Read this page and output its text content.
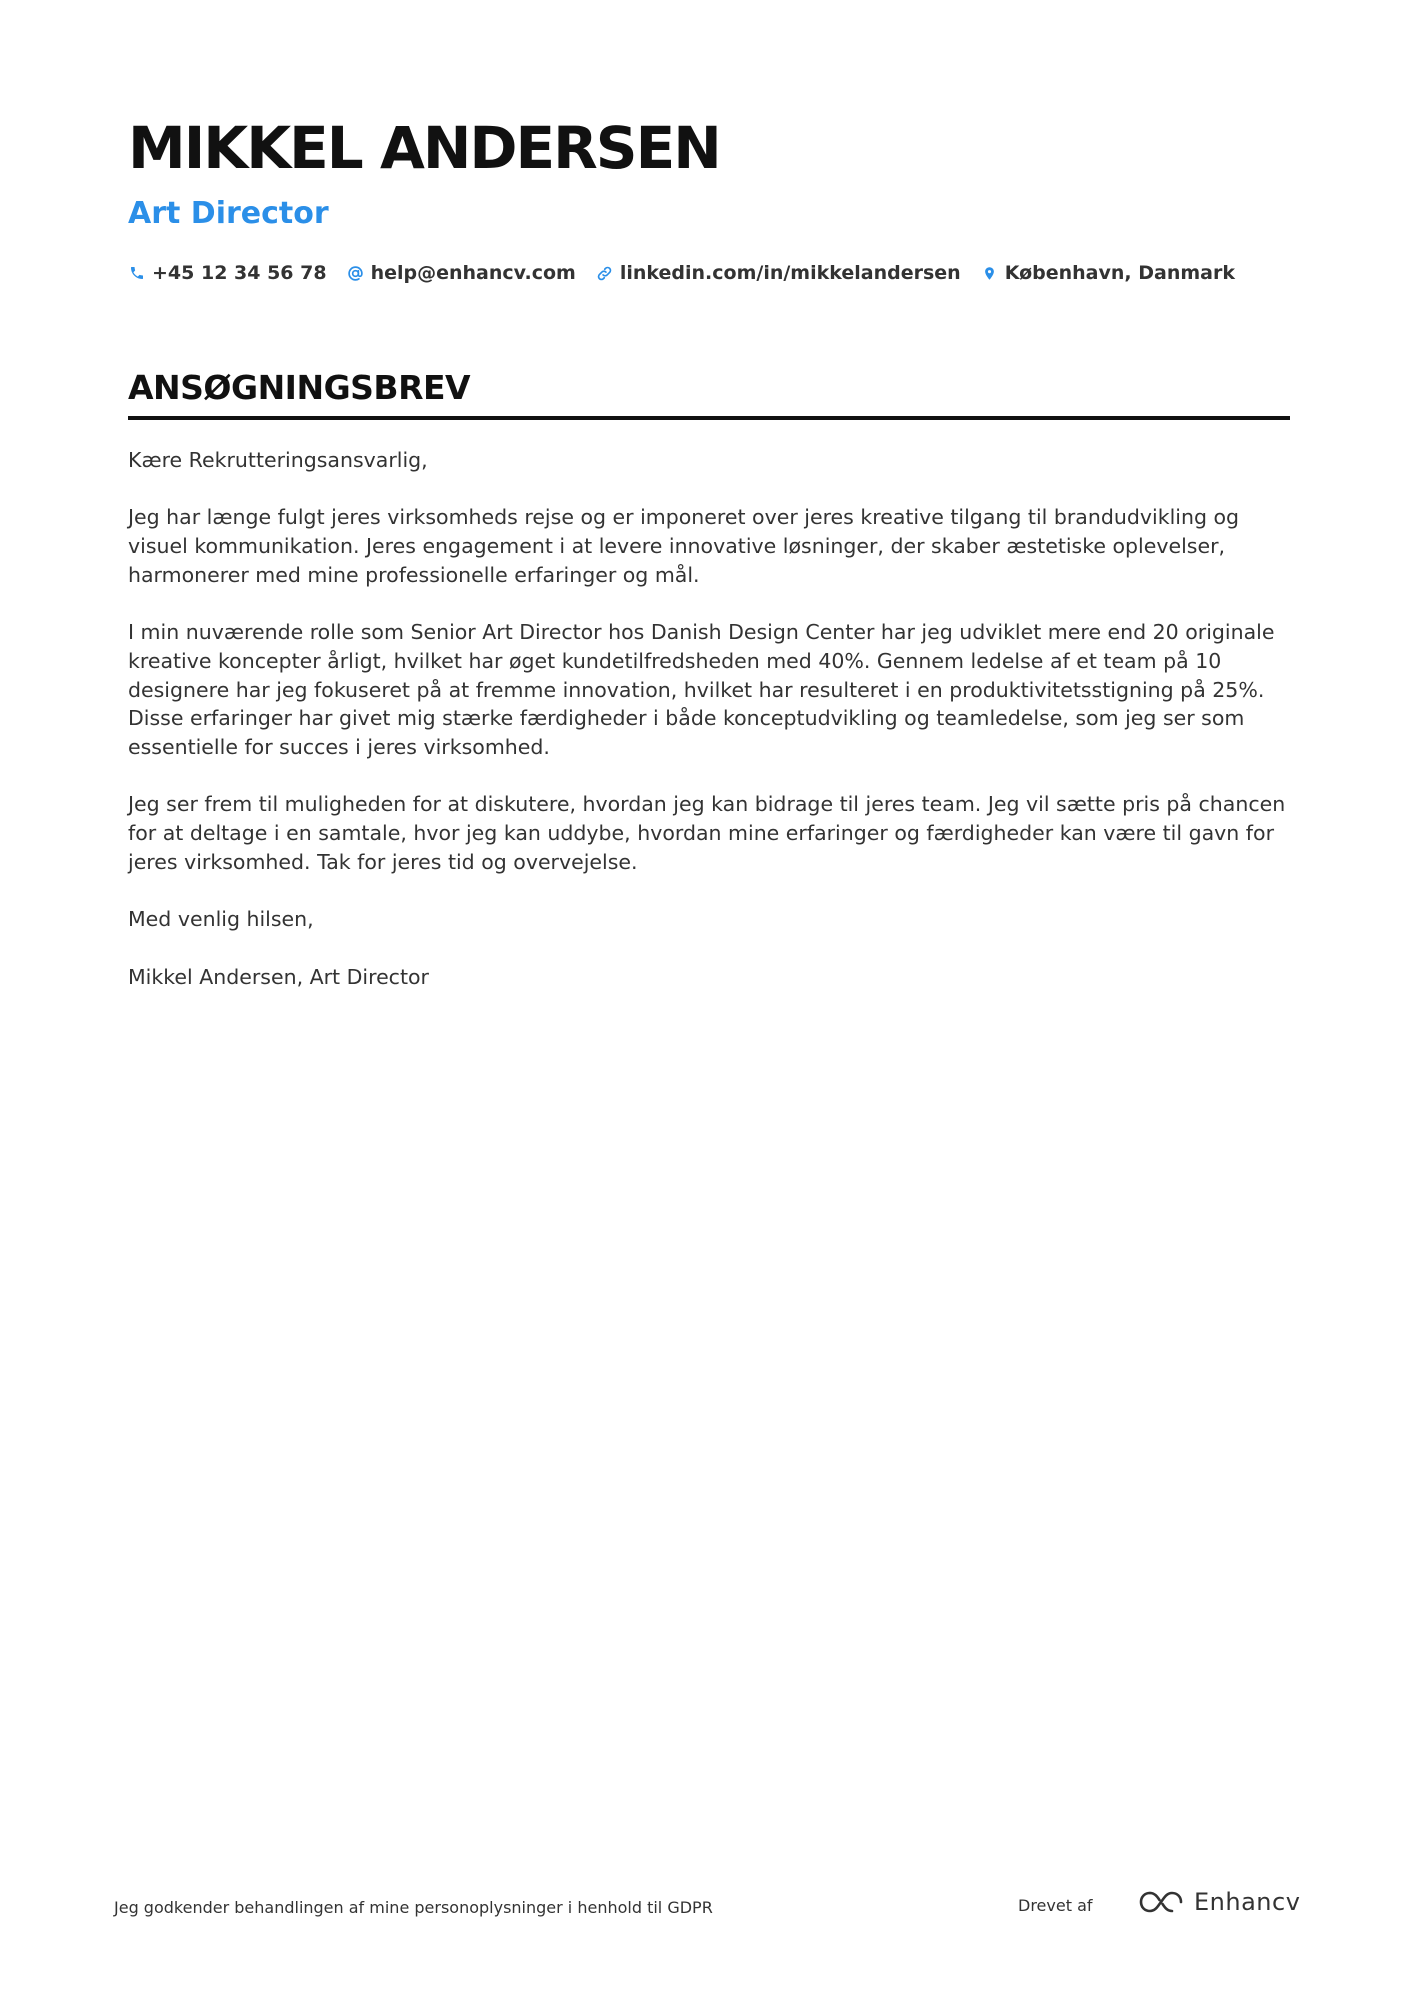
MIKKEL ANDERSEN
Art Director
+45 12 34 56 78 help@enhancv.com linkedin.com/in/mikkelandersen København, Danmark
ANSØGNINGSBREV

Kære Rekrutteringsansvarlig,

Jeg har længe fulgt jeres virksomheds rejse og er imponeret over jeres kreative tilgang til brandudvikling og visuel kommunikation. Jeres engagement i at levere innovative løsninger, der skaber æstetiske oplevelser, harmonerer med mine professionelle erfaringer og mål.

I min nuværende rolle som Senior Art Director hos Danish Design Center har jeg udviklet mere end 20 originale kreative koncepter årligt, hvilket har øget kundetilfredsheden med 40%. Gennem ledelse af et team på 10 designere har jeg fokuseret på at fremme innovation, hvilket har resulteret i en produktivitetsstigning på 25%. Disse erfaringer har givet mig stærke færdigheder i både konceptudvikling og teamledelse, som jeg ser som essentielle for succes i jeres virksomhed.

Jeg ser frem til muligheden for at diskutere, hvordan jeg kan bidrage til jeres team. Jeg vil sætte pris på chancen for at deltage i en samtale, hvor jeg kan uddybe, hvordan mine erfaringer og færdigheder kan være til gavn for jeres virksomhed. Tak for jeres tid og overvejelse.

Med venlig hilsen,

Mikkel Andersen, Art Director

Jeg godkender behandlingen af mine personoplysninger i henhold til GDPR	Drevet af	Enhancv
